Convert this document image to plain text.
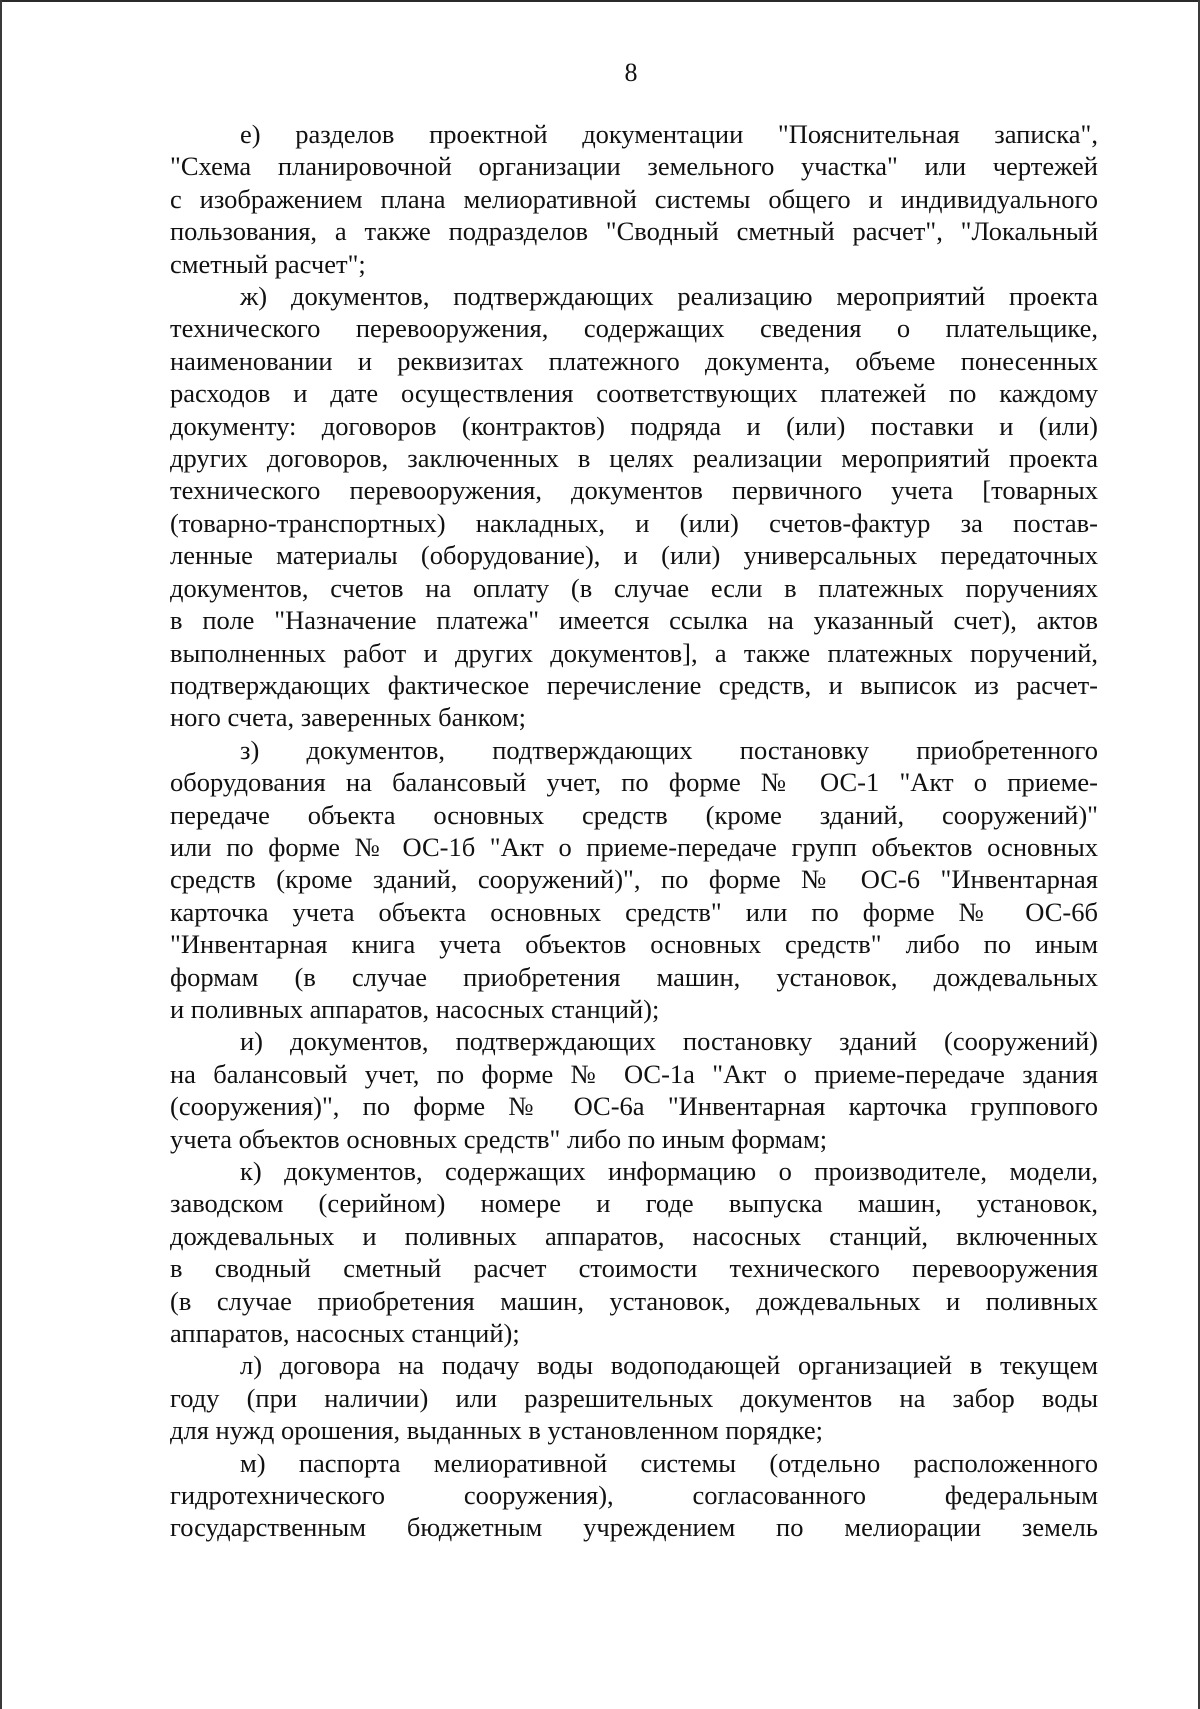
8

е) разделов проектной документации "Пояснительная записка",
"Схема планировочной организации земельного участка" или чертежей
с изображением плана мелиоративной системы общего и индивидуального
пользования, а также подразделов "Сводный сметный расчет", "Локальный
сметный расчет";

ж) документов, подтверждающих реализацию мероприятий проекта
технического перевооружения, содержащих сведения о плательщике,
наименовании и реквизитах платежного документа, объеме понесенных
расходов и дате осуществления соответствующих платежей по каждому
документу: договоров (контрактов) подряда и (или) поставки и (или)
других договоров, заключенных в целях реализации мероприятий проекта
технического перевооружения, документов первичного учета [товарных
(товарно-транспортных) накладных, и (или) счетов-фактур за постав-
ленные материалы (оборудование), и (или) универсальных передаточных
документов, счетов на оплату (в случае если в платежных поручениях
в поле "Назначение платежа" имеется ссылка на указанный счет), актов
выполненных работ и других документов], а также платежных поручений,
подтверждающих фактическое перечисление средств, и выписок из расчет-
ного счета, заверенных банком;

з) документов, подтверждающих постановку приобретенного
оборудования на балансовый учет, по форме № ОС-1 "Акт о приеме-
передаче объекта основных средств (кроме зданий, сооружений)"
или по форме № ОС-1б "Акт о приеме-передаче групп объектов основных
средств (кроме зданий, сооружений)", по форме № ОС-6 "Инвентарная
карточка учета объекта основных средств" или по форме № ОС-6б
"Инвентарная книга учета объектов основных средств" либо по иным
формам (в случае приобретения машин, установок, дождевальных
и поливных аппаратов, насосных станций);

и) документов, подтверждающих постановку зданий (сооружений)
на балансовый учет, по форме № ОС-1а "Акт о приеме-передаче здания
(сооружения)", по форме № ОС-6а "Инвентарная карточка группового
учета объектов основных средств" либо по иным формам;

к) документов, содержащих информацию о производителе, модели,
заводском (серийном) номере и годе выпуска машин, установок,
дождевальных и поливных аппаратов, насосных станций, включенных
в сводный сметный расчет стоимости технического перевооружения
(в случае приобретения машин, установок, дождевальных и поливных
аппаратов, насосных станций);

л) договора на подачу воды водоподающей организацией в текущем
году (при наличии) или разрешительных документов на забор воды
для нужд орошения, выданных в установленном порядке;

м) паспорта мелиоративной системы (отдельно расположенного
гидротехнического сооружения), согласованного федеральным
государственным бюджетным учреждением по мелиорации земель
